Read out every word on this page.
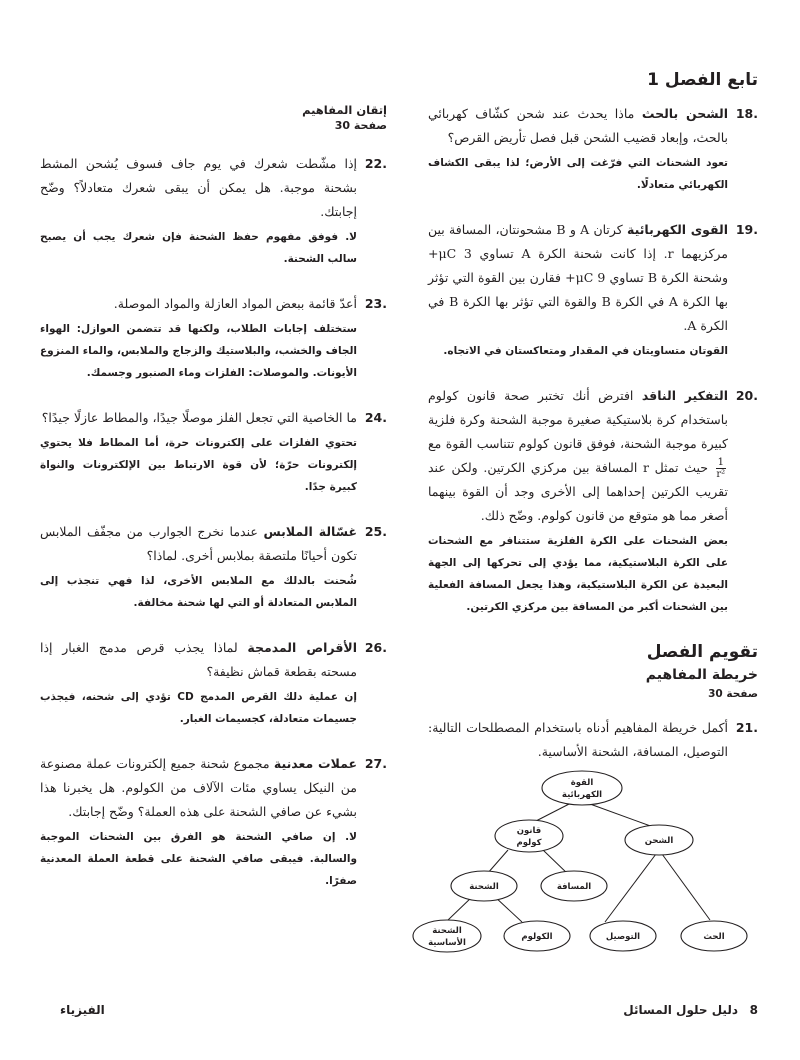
تابع الفصل 1
.18

الشحن بالحث ماذا يحدث عند شحن كشّاف كهربائي بالحث، وإبعاد قضيب الشحن قبل فصل تأريض القرص؟

تعود الشحنات التي فرّغت إلى الأرض؛ لذا يبقى الكشاف الكهربائي متعادلًا.

.19

القوى الكهربائية كرتان A و B مشحونتان، المسافة بين مركزيهما r. إذا كانت شحنة الكرة A تساوي μC 3+ وشحنة الكرة B تساوي μC 9+ فقارن بين القوة التي تؤثر بها الكرة A في الكرة B والقوة التي تؤثر بها الكرة B في الكرة A.

القوتان متساويتان في المقدار ومتعاكستان في الاتجاه.

.20

التفكير الناقد افترض أنك تختبر صحة قانون كولوم باستخدام كرة بلاستيكية صغيرة موجبة الشحنة وكرة فلزية كبيرة موجبة الشحنة، فوفق قانون كولوم تتناسب القوة مع
$\frac{1}{\text{r²}}$
حيث تمثل r المسافة بين مركزي الكرتين. ولكن عند تقريب الكرتين إحداهما إلى الأخرى وجد أن القوة بينهما أصغر مما هو متوقع من قانون كولوم. وضّح ذلك.

بعض الشحنات على الكرة الفلزية ستتنافر مع الشحنات على الكرة البلاستيكية، مما يؤدي إلى تحركها إلى الجهة البعيدة عن الكرة البلاستيكية، وهذا يجعل المسافة الفعلية بين الشحنات أكبر من المسافة بين مركزي الكرتين.

تقويم الفصل
خريطة المفاهيم
صفحة 30
.21

أكمل خريطة المفاهيم أدناه باستخدام المصطلحات التالية: التوصيل، المسافة، الشحنة الأساسية.

إتقان المفاهيم
صفحة 30
.22

إذا مشّطت شعرك في يوم جاف فسوف يُشحن المشط بشحنة موجبة. هل يمكن أن يبقى شعرك متعادلاً؟ وضّح إجابتك.

لا. فوفق مفهوم حفظ الشحنة فإن شعرك يجب أن يصبح سالب الشحنة.

.23

أعدّ قائمة ببعض المواد العازلة والمواد الموصلة.

ستختلف إجابات الطلاب، ولكنها قد تتضمن العوازل: الهواء الجاف والخشب، والبلاستيك والزجاج والملابس، والماء المنزوع الأيونات. والموصلات: الفلزات وماء الصنبور وجسمك.

.24

ما الخاصية التي تجعل الفلز موصلًا جيدًا، والمطاط عازلًا جيدًا؟

تحتوي الفلزات على إلكترونات حرة، أما المطاط فلا يحتوي إلكترونات حرّة؛ لأن قوة الارتباط بين الإلكترونات والنواة كبيرة جدًا.

.25

غسّالة الملابس عندما نخرج الجوارب من مجفّف الملابس تكون أحيانًا ملتصقة بملابس أخرى. لماذا؟

شُحنت بالدلك مع الملابس الأخرى، لذا فهي تنجذب إلى الملابس المتعادلة أو التي لها شحنة مخالفة.

.26

الأقراص المدمجة لماذا يجذب قرص مدمج الغبار إذا مسحته بقطعة قماش نظيفة؟

إن عملية دلك القرص المدمج CD تؤدي إلى شحنه، فيجذب جسيمات متعادلة، كجسيمات الغبار.

.27

عملات معدنية مجموع شحنة جميع إلكترونات عملة مصنوعة من النيكل يساوي مئات الآلاف من الكولوم. هل يخبرنا هذا بشيء عن صافي الشحنة على هذه العملة؟ وضّح إجابتك.

لا. إن صافي الشحنة هو الفرق بين الشحنات الموجبة والسالبة. فيبقى صافي الشحنة على قطعة العملة المعدنية صفرًا.

القوة
الكهربائية
قانون
كولوم	الشحن
الشحنة	المسافة
الشحنة
الأساسية
الكولوم	التوصيل	الحث
8
دليل حلول المسائل
الفيزياء
